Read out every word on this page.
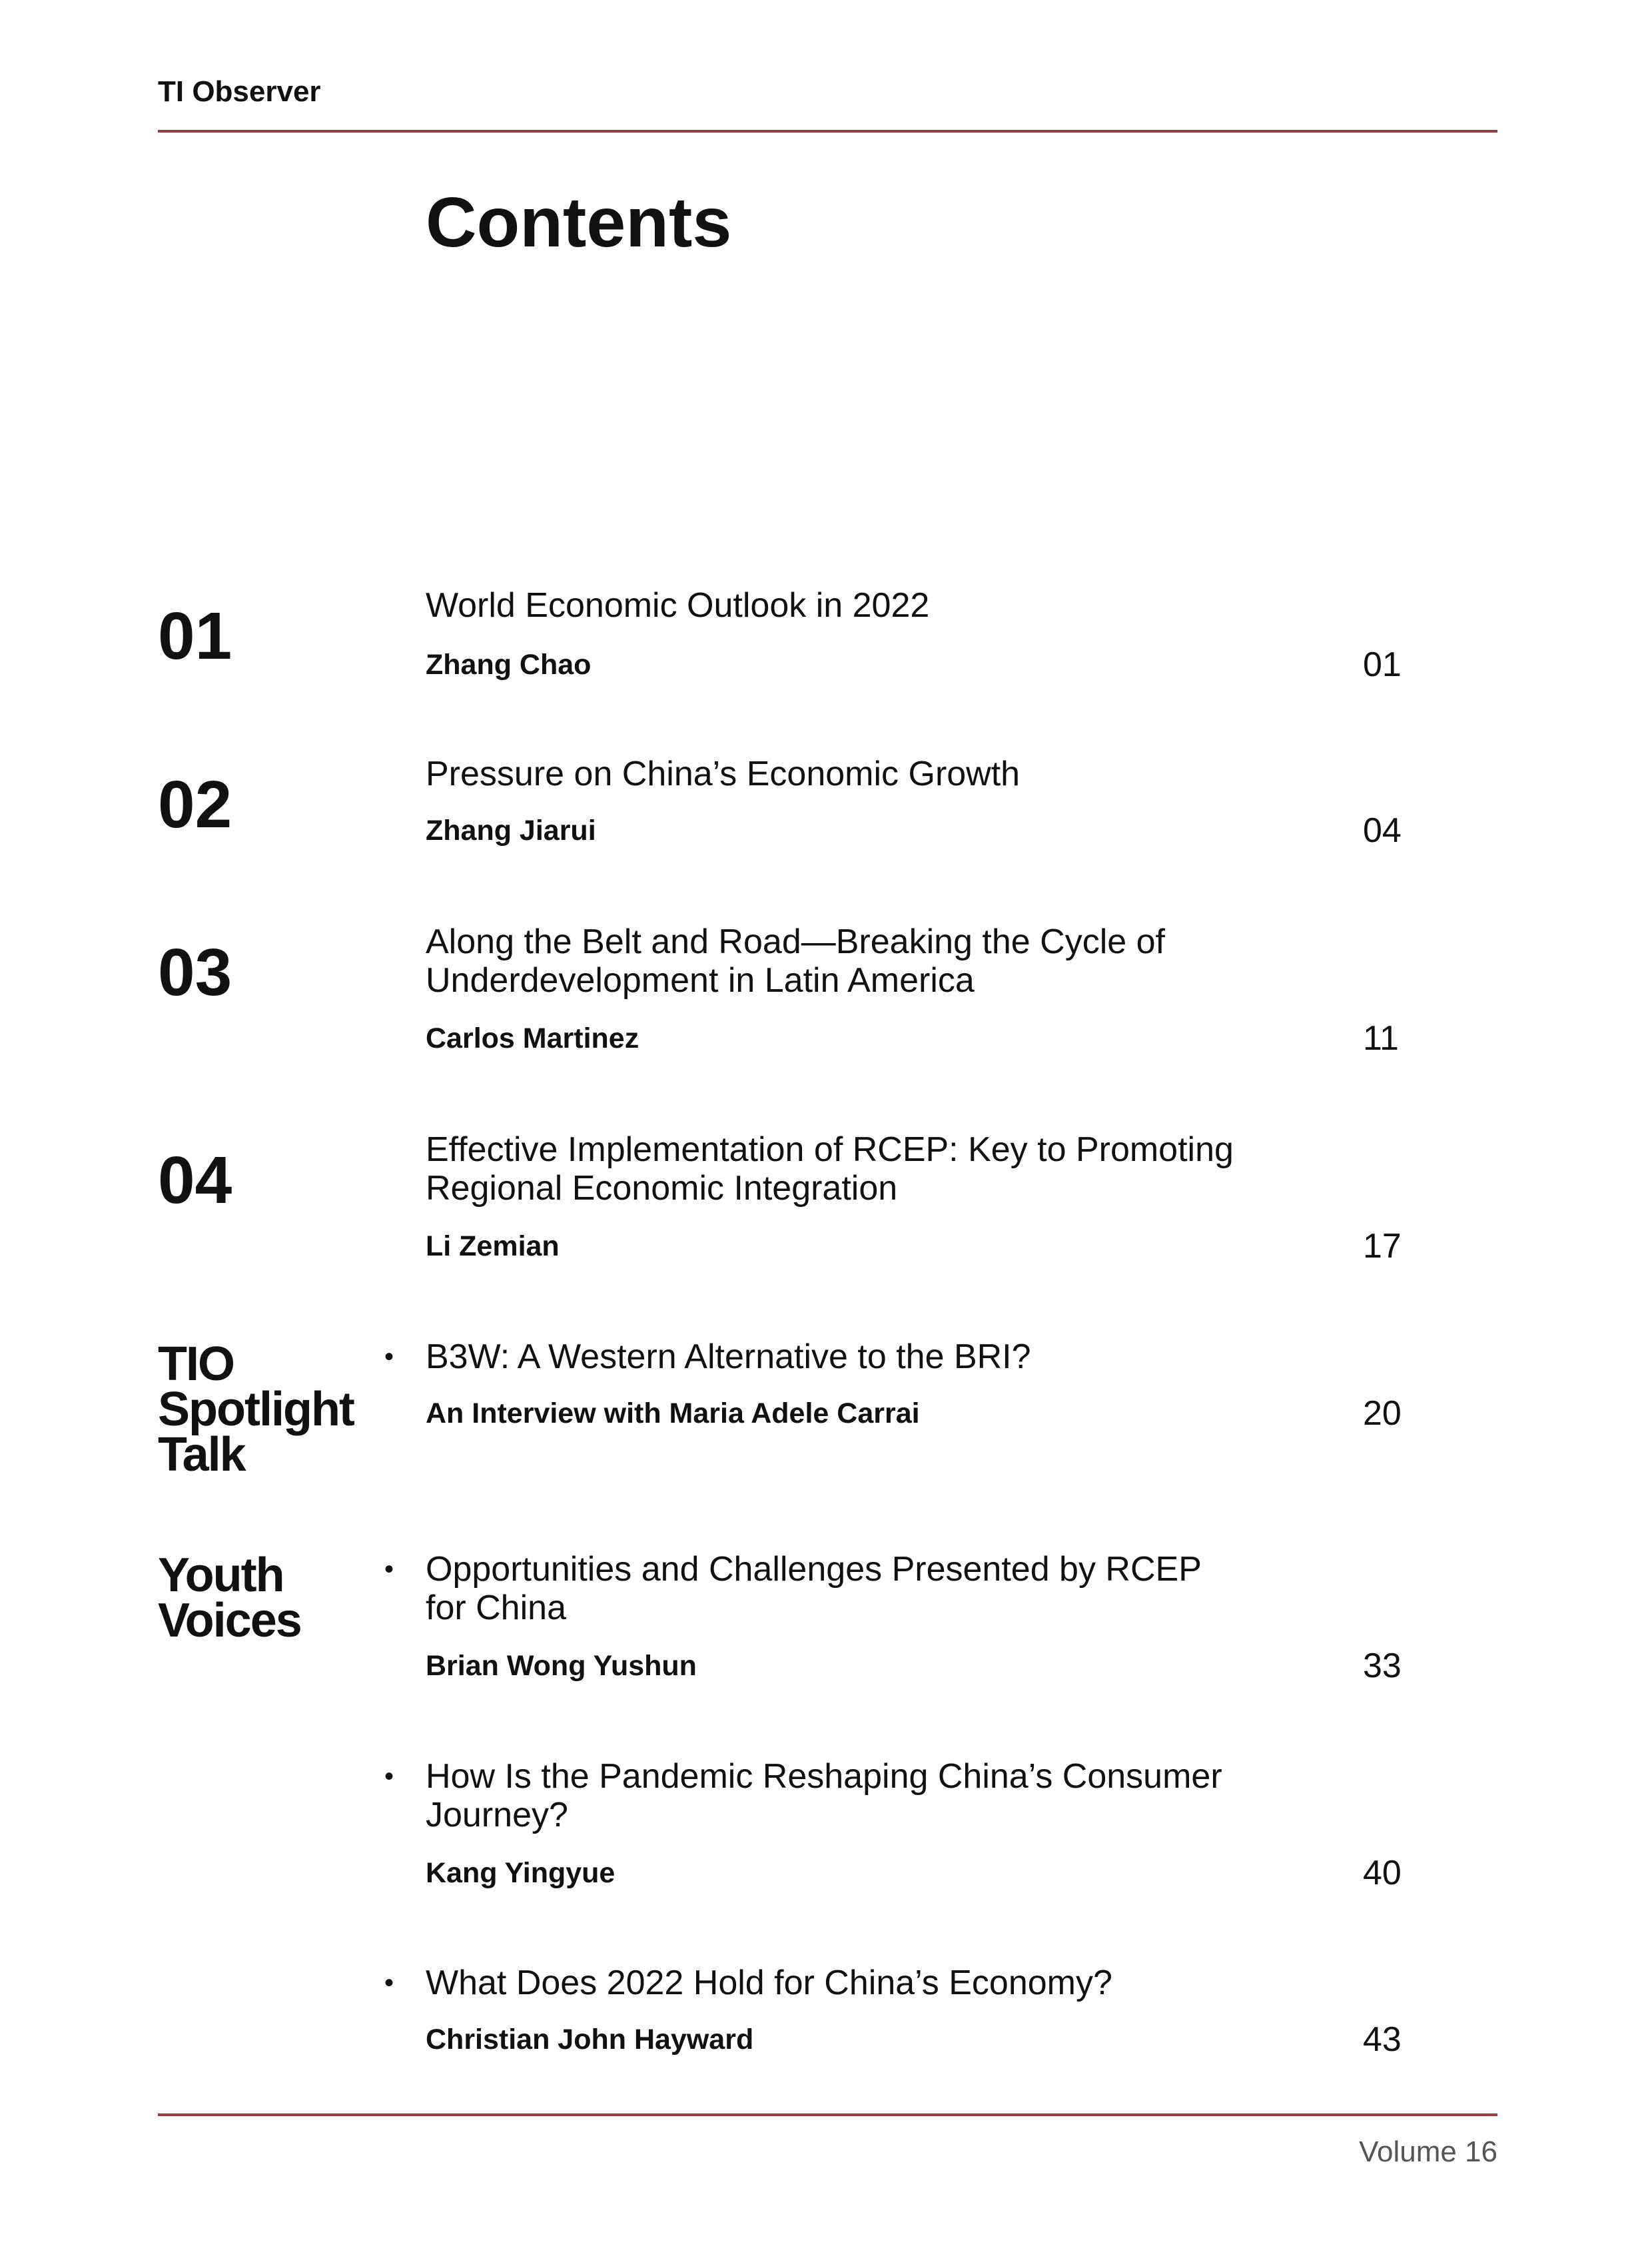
TI Observer
Contents
01	World Economic Outlook in 2022
Zhang Chao	01
02	Pressure on China’s Economic Growth
Zhang Jiarui	04
03	Along the Belt and Road—Breaking the Cycle of
Underdevelopment in Latin America
Carlos Martinez	11
04	Effective Implementation of RCEP: Key to Promoting
Regional Economic Integration
Li Zemian	17
TIO
Spotlight
Talk
• B3W: A Western Alternative to the BRI?
An Interview with Maria Adele Carrai	20
Youth
Voices
• Opportunities and Challenges Presented by RCEP
for China
Brian Wong Yushun	33
• How Is the Pandemic Reshaping China’s Consumer
Journey?
Kang Yingyue	40
• What Does 2022 Hold for China’s Economy?
Christian John Hayward	43
Volume 16
